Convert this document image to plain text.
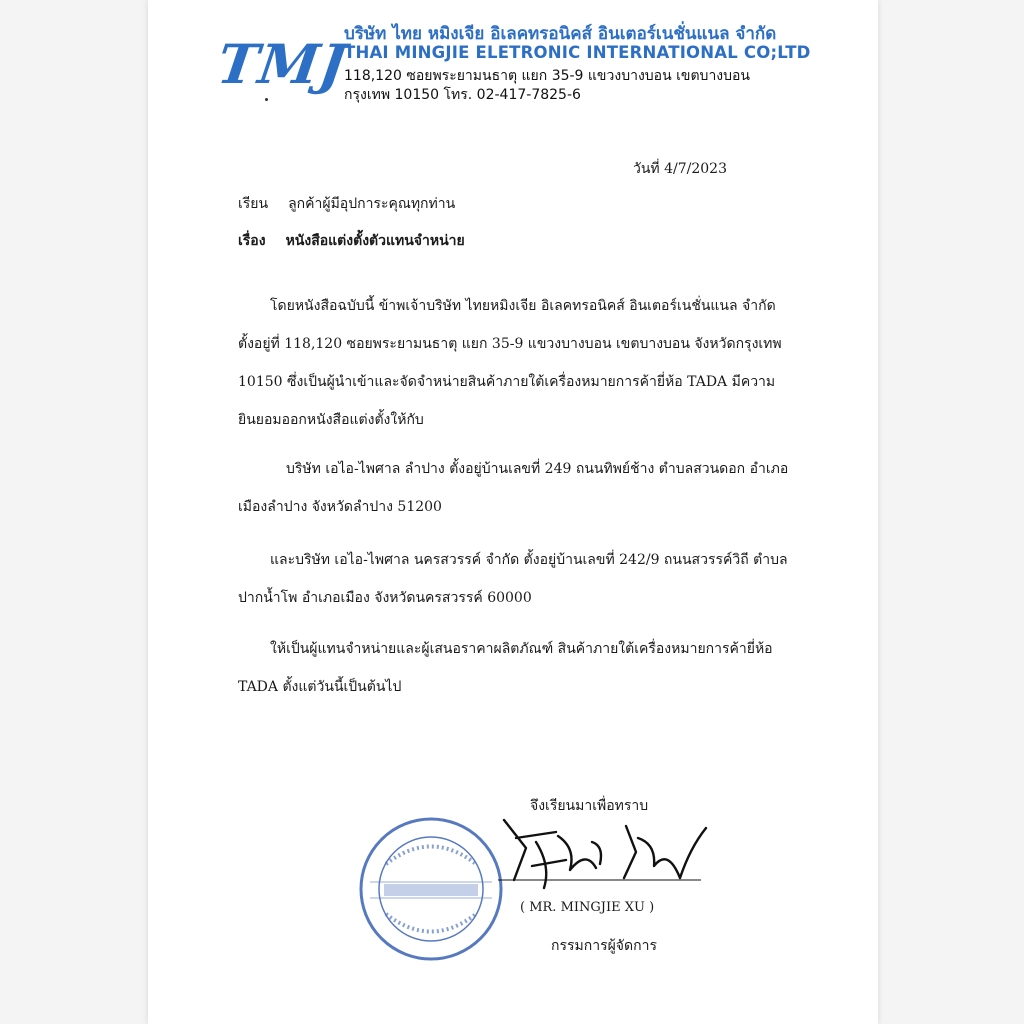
TMJ
บริษัท ไทย หมิงเจีย อิเลคทรอนิคส์ อินเตอร์เนชั่นแนล จำกัด
THAI MINGJIE ELETRONIC INTERNATIONAL CO;LTD
118,120 ซอยพระยามนธาตุ แยก 35-9 แขวงบางบอน เขตบางบอน
กรุงเทพ 10150 โทร. 02-417-7825-6
วันที่ 4/7/2023
เรียน ลูกค้าผู้มีอุปการะคุณทุกท่าน
เรื่อง หนังสือแต่งตั้งตัวแทนจำหน่าย
โดยหนังสือฉบับนี้ ข้าพเจ้าบริษัท ไทยหมิงเจีย อิเลคทรอนิคส์ อินเตอร์เนชั่นแนล จำกัด
ตั้งอยู่ที่ 118,120 ซอยพระยามนธาตุ แยก 35-9 แขวงบางบอน เขตบางบอน จังหวัดกรุงเทพ
10150 ซึ่งเป็นผู้นำเข้าและจัดจำหน่ายสินค้าภายใต้เครื่องหมายการค้ายี่ห้อ TADA มีความ
ยินยอมออกหนังสือแต่งตั้งให้กับ
บริษัท เอไอ-ไพศาล ลำปาง ตั้งอยู่บ้านเลขที่ 249 ถนนทิพย์ช้าง ตำบลสวนดอก อำเภอ
เมืองลำปาง จังหวัดลำปาง 51200
และบริษัท เอไอ-ไพศาล นครสวรรค์ จำกัด ตั้งอยู่บ้านเลขที่ 242/9 ถนนสวรรค์วิถี ตำบล
ปากน้ำโพ อำเภอเมือง จังหวัดนครสวรรค์ 60000
ให้เป็นผู้แทนจำหน่ายและผู้เสนอราคาผลิตภัณฑ์ สินค้าภายใต้เครื่องหมายการค้ายี่ห้อ
TADA ตั้งแต่วันนี้เป็นต้นไป
จึงเรียนมาเพื่อทราบ
( MR. MINGJIE XU )
กรรมการผู้จัดการ
